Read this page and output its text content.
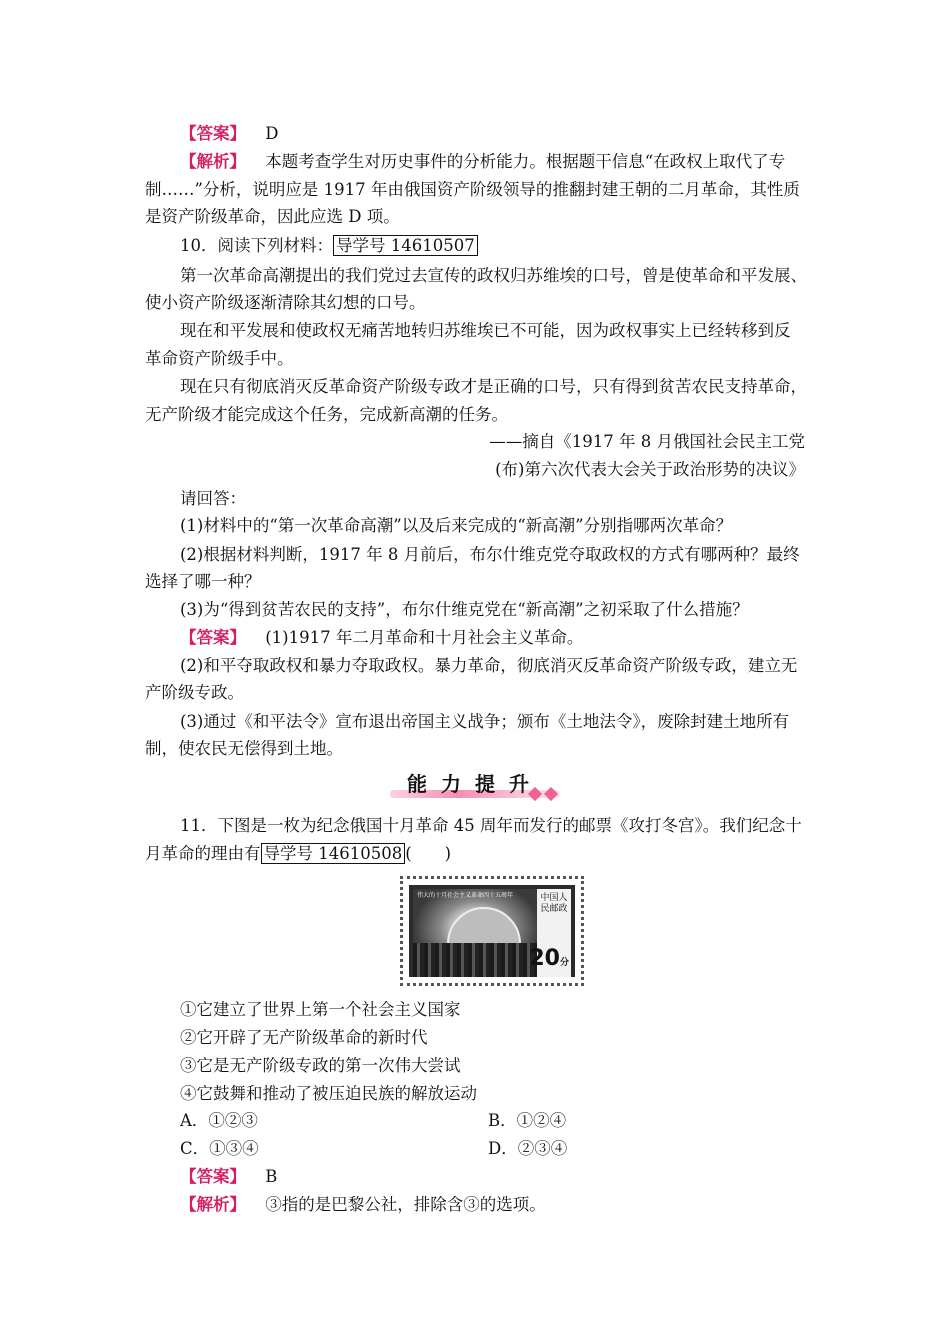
【答案】 D
【解析】 本题考查学生对历史事件的分析能力。根据题干信息“在政权上取代了专
制……”分析，说明应是 1917 年由俄国资产阶级领导的推翻封建王朝的二月革命，其性质
是资产阶级革命，因此应选 D 项。
10．阅读下列材料： 导学号 14610507
第一次革命高潮提出的我们党过去宣传的政权归苏维埃的口号，曾是使革命和平发展、
使小资产阶级逐渐清除其幻想的口号。
现在和平发展和使政权无痛苦地转归苏维埃已不可能，因为政权事实上已经转移到反
革命资产阶级手中。
现在只有彻底消灭反革命资产阶级专政才是正确的口号，只有得到贫苦农民支持革命，
无产阶级才能完成这个任务，完成新高潮的任务。
——摘自《1917 年 8 月俄国社会民主工党
(布)第六次代表大会关于政治形势的决议》
请回答：
(1)材料中的“第一次革命高潮”以及后来完成的“新高潮”分别指哪两次革命？
(2)根据材料判断，1917 年 8 月前后，布尔什维克党夺取政权的方式有哪两种？最终
选择了哪一种？
(3)为“得到贫苦农民的支持”，布尔什维克党在“新高潮”之初采取了什么措施？
【答案】 (1)1917 年二月革命和十月社会主义革命。
(2)和平夺取政权和暴力夺取政权。暴力革命，彻底消灭反革命资产阶级专政，建立无
产阶级专政。
(3)通过《和平法令》宣布退出帝国主义战争；颁布《土地法令》，废除封建土地所有
制，使农民无偿得到土地。
能力提升
11．下图是一枚为纪念俄国十月革命 45 周年而发行的邮票《攻打冬宫》。我们纪念十
月革命的理由有 导学号 14610508 (　　)
伟大的十月社会主义革命四十五周年	中国人民邮政
20分
①它建立了世界上第一个社会主义国家
②它开辟了无产阶级革命的新时代
③它是无产阶级专政的第一次伟大尝试
④它鼓舞和推动了被压迫民族的解放运动
A．①②③	B．①②④
C．①③④	D．②③④
【答案】 B
【解析】 ③指的是巴黎公社，排除含③的选项。
